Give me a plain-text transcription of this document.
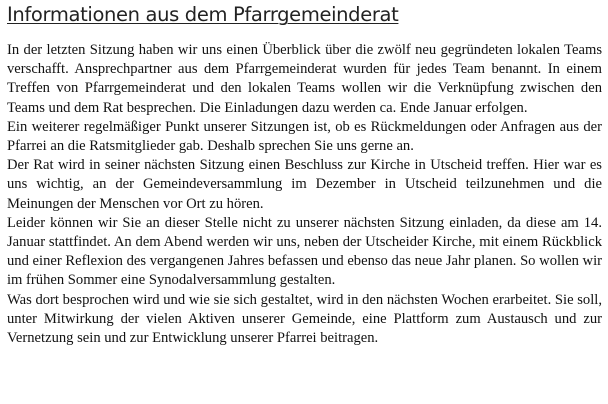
Informationen aus dem Pfarrgemeinderat

In der letzten Sitzung haben wir uns einen Überblick über die zwölf neu gegründeten lokalen Teams verschafft. Ansprechpartner aus dem Pfarrgemeinderat wurden für jedes Team benannt. In einem Treffen von Pfarrgemeinderat und den lokalen Teams wollen wir die Verknüpfung zwischen den Teams und dem Rat besprechen. Die Einladungen dazu werden ca. Ende Januar erfolgen.

Ein weiterer regelmäßiger Punkt unserer Sitzungen ist, ob es Rückmeldungen oder Anfragen aus der Pfarrei an die Ratsmitglieder gab. Deshalb sprechen Sie uns gerne an.

Der Rat wird in seiner nächsten Sitzung einen Beschluss zur Kirche in Utscheid treffen. Hier war es uns wichtig, an der Gemeindeversammlung im Dezember in Utscheid teilzunehmen und die Meinungen der Menschen vor Ort zu hören.

Leider können wir Sie an dieser Stelle nicht zu unserer nächsten Sitzung einladen, da diese am 14. Januar stattfindet. An dem Abend werden wir uns, neben der Utscheider Kirche, mit einem Rückblick und einer Reflexion des vergangenen Jahres befassen und ebenso das neue Jahr planen. So wollen wir im frühen Sommer eine Synodalversammlung gestalten.

Was dort besprochen wird und wie sie sich gestaltet, wird in den nächsten Wochen erarbeitet. Sie soll, unter Mitwirkung der vielen Aktiven unserer Gemeinde, eine Plattform zum Austausch und zur Vernetzung sein und zur Entwicklung unserer Pfarrei beitragen.
